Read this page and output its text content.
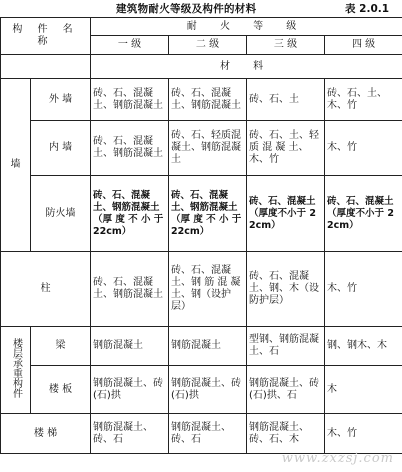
建筑物耐火等级及构件的材料	表 2.0.1
构 件 名 称		耐 火 等 级			
		一 级	二 级	三 级	四 级
		材 料			
墙	外 墙	砖、石、混凝土、钢筋混凝土	砖、石、混凝土、钢筋混凝土	砖、石、土	砖、石、土、木、竹
	内 墙	砖、石、混凝土、钢筋混凝土	砖、石、轻质混凝土、钢筋混凝土	砖、石、土、轻质 混 凝 土、木、竹	木、竹
	防火墙	砖、石、混凝土、钢筋混凝土（厚 度 不 小 于 22cm）	砖、石、混凝土、钢筋混凝土（厚 度 不 小 于 22cm）	砖、石、混凝土（厚度不小于 22cm）	砖、石、混凝土（厚度不小于 22cm）
柱		砖、石、混凝土、钢筋混凝土	砖、石、混凝土、钢 筋 混 凝 土、钢（设护层）	砖、石、混凝土、钢、木（设防护层）	木、竹
楼层承重构件	梁	钢筋混凝土	钢筋混凝土	型钢、钢筋混凝土、石	钢、钢木、木
	楼 板	钢筋混凝土、砖(石)拱	钢筋混凝土、砖(石)拱	钢筋混凝土、砖(石)拱、石	木
楼 梯		钢筋混凝土、砖、石	钢筋混凝土、砖、石	钢筋混凝土、砖、石、木	木、竹
www.zxzsj.com
